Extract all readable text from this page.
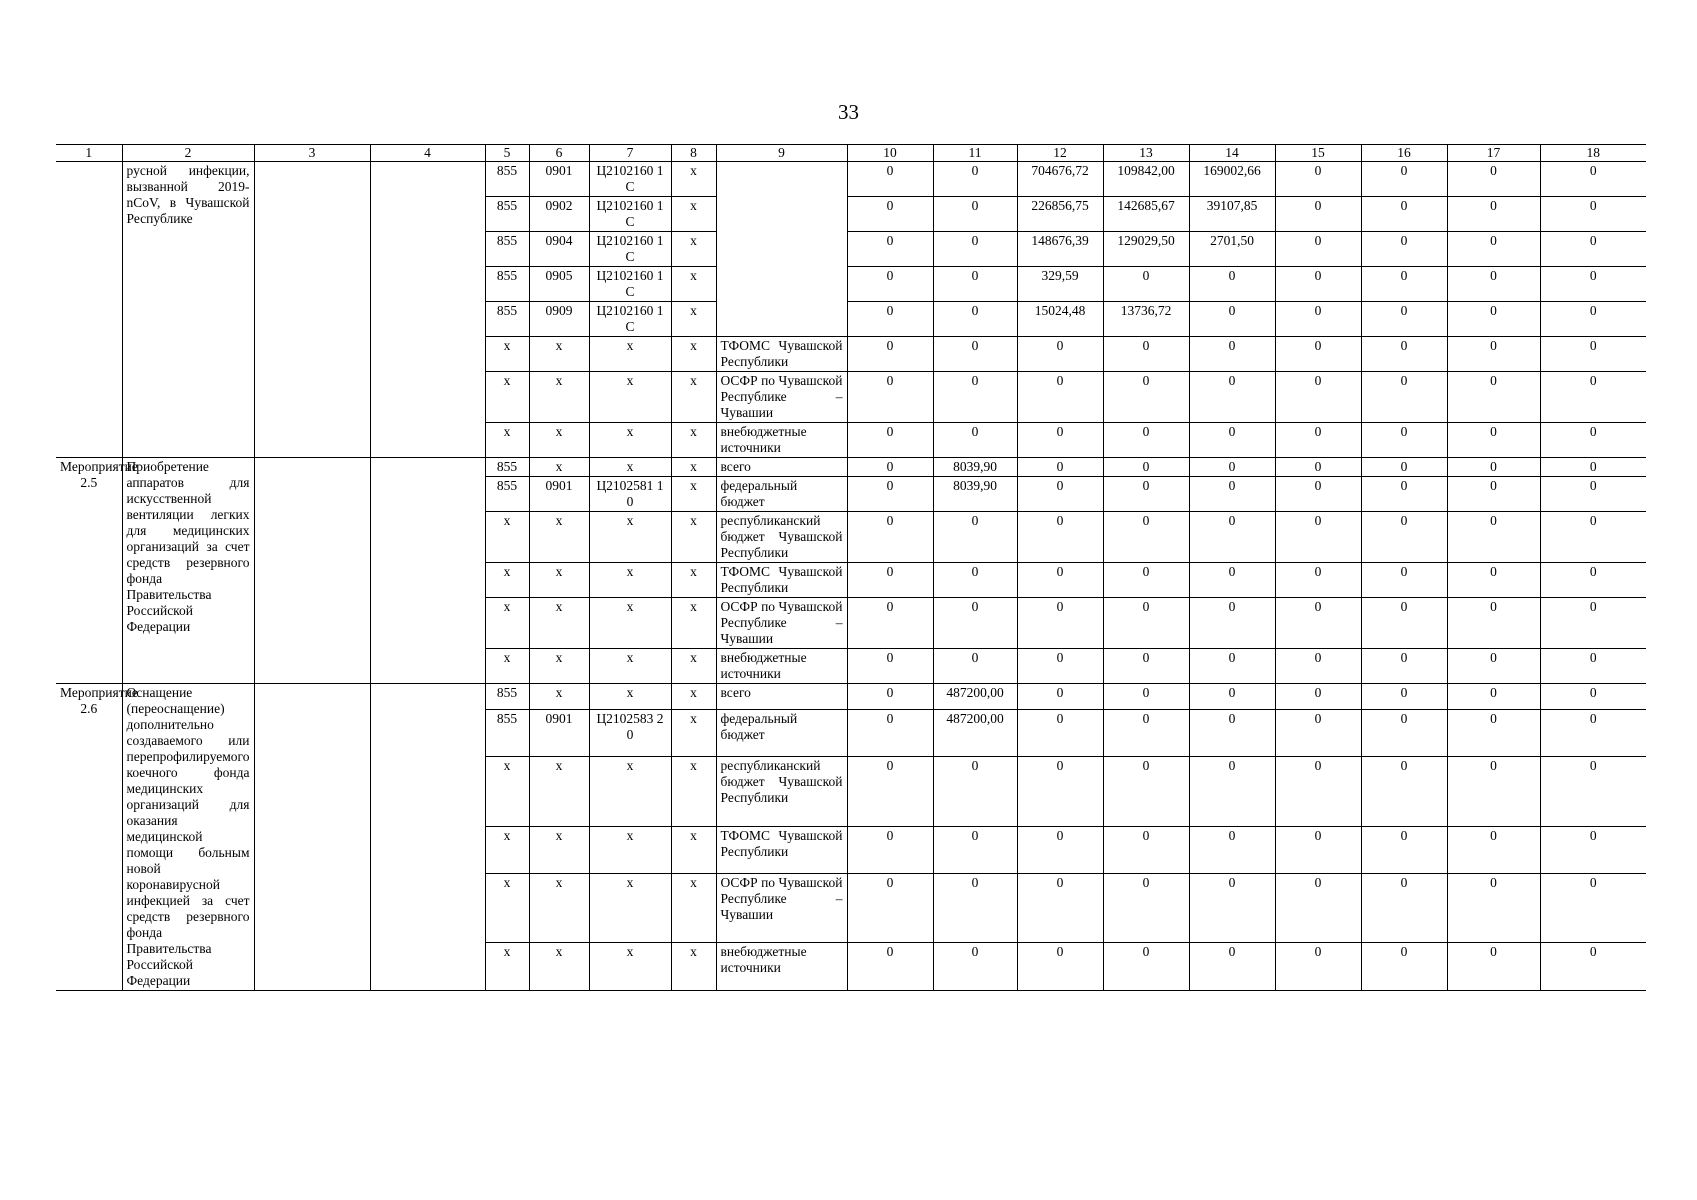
33
1	2	3	4	5	6	7	8	9	10	11	12	13	14	15	16	17	18
	русной инфекции, вызванной 2019-nCoV, в Чувашской Республике			855	0901	Ц2102160 1С	x		0	0	704676,72	109842,00	169002,66	0	0	0	0
				855	0902	Ц2102160 1С	x		0	0	226856,75	142685,67	39107,85	0	0	0	0
				855	0904	Ц2102160 1С	x		0	0	148676,39	129029,50	2701,50	0	0	0	0
				855	0905	Ц2102160 1С	x		0	0	329,59	0	0	0	0	0	0
				855	0909	Ц2102160 1С	x		0	0	15024,48	13736,72	0	0	0	0	0
				x	x	x	x	ТФОМС Чувашской Республики	0	0	0	0	0	0	0	0	0
				x	x	x	x	ОСФР по Чувашской Республике – Чувашии	0	0	0	0	0	0	0	0	0
				x	x	x	x	внебюджетные источники	0	0	0	0	0	0	0	0	0
Мероприятие 2.5	Приобретение аппаратов для искусственной вентиляции легких для медицинских организаций за счет средств резервного фонда Правительства Российской Федерации			855	x	x	x	всего	0	8039,90	0	0	0	0	0	0	0
				855	0901	Ц2102581 10	x	федеральный бюджет	0	8039,90	0	0	0	0	0	0	0
				x	x	x	x	республиканский бюджет Чувашской Республики	0	0	0	0	0	0	0	0	0
				x	x	x	x	ТФОМС Чувашской Республики	0	0	0	0	0	0	0	0	0
				x	x	x	x	ОСФР по Чувашской Республике – Чувашии	0	0	0	0	0	0	0	0	0
				x	x	x	x	внебюджетные источники	0	0	0	0	0	0	0	0	0
Мероприятие 2.6	Оснащение (переоснащение) дополнительно создаваемого или перепрофилируемого коечного фонда медицинских организаций для оказания медицинской помощи больным новой коронавирусной инфекцией за счет средств резервного фонда Правительства Российской Федерации			855	x	x	x	всего	0	487200,00	0	0	0	0	0	0	0
				855	0901	Ц2102583 20	x	федеральный бюджет	0	487200,00	0	0	0	0	0	0	0
				x	x	x	x	республиканский бюджет Чувашской Республики	0	0	0	0	0	0	0	0	0
				x	x	x	x	ТФОМС Чувашской Республики	0	0	0	0	0	0	0	0	0
				x	x	x	x	ОСФР по Чувашской Республике – Чувашии	0	0	0	0	0	0	0	0	0
				x	x	x	x	внебюджетные источники	0	0	0	0	0	0	0	0	0
